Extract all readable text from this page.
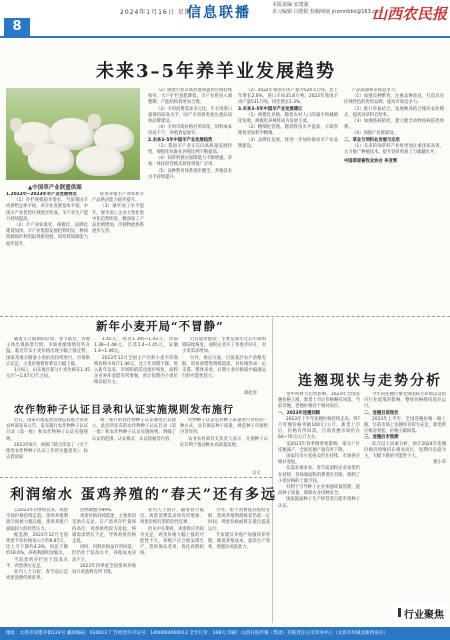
8
2024年1月16日 星期二
信息联播	本版责编 安建强
见习编辑 闫德阳 校稿师丽 jnxmnbfsl@163.com
山西农民报
未来3–5年养羊业发展趋势
▲中国草产业联盟供图

1.2022年~2023年羊产业发展特点

（1）存栏规模稳步增长。当前我国羊肉供给总体平稳，养羊业发展基本平稳，中国羊产业优势区域逐步形成，羊产业生产能力持续提高。

（2）羊产业标准化、规模化、品牌化建设加快。羊产业集群发展趋势明显，种质资源保护利用取得新进展，饲草料保障能力稳步提升。

促进养殖生产效率和羊产品供应能力稳步提升。

（3）屠宰加工水平提升。屠宰加工企业大型化集中化趋势明显，精深加工产品比例增加，冷链物流体系逐步完善。

（2）随着行业市场热度和盈利空间持续收窄，大户扩栏意愿降低，羊产业将进入调整期，产能结构将更加合理。

（3）羊肉消费需求多元化，牛羊肉进口量保持较高水平，国产羊肉将更加注重品质和品牌建设。

（4）羊肉市场价格有所回落，饲料成本居高不下，养殖效益收窄。

2.未来3–5年中国羊产业发展趋势

（1）我国羊产业正在向高质量发展转型，规模化标准化养殖比例不断提高。

（4）饲草料供应保障能力不断增强，草畜一体化经营模式将得到推广应用。

（5）良种繁育体系逐步健全，养殖技术水平持续提升。

（2）2022年我国羊肉产量为524.5万吨，比上年增长2.0%，进口羊肉35.8万吨。2023年我国羊肉产量531万吨，同比增长1.3%。

3.未来3–5年中国羊产业发展建议

（1）规模化养殖。随着农村人口的减少和城镇化发展，规模化养殖将成为发展主流。

（2）精细化管理。随着科技水平提高，羊场管理将更加科学精细。

（3）品牌化发展。将进一步加快推动羊产业品牌建设。

产品质量和市场竞争力。

（1）加强良种繁育，注重品种改良，打造具有区域特色的优势品牌，提高市场竞争力。

（2）推行草畜结合，发展种养结合循环农业模式，提高饲草料自给率。

（3）加强疫病防控，建立健全动物疫病防控体系。

（4）加强产业链建设。

二、草业与饲料业发展与应用

（1）未来的饲草料产业将更加注重优质高效，大力推广种植技术，提升饲草料加工与储藏水平。

中国草原畜牧业协会 李亚雯

新年小麦开局“不冒静”

随着元旦假期的结束，春节临近，各地主体出现备货行情，市场看涨情绪有所升温。临近年末小麦价格出现小幅上涨走势，国家及地方储备小麦拍卖持续进行，市场供应充足，小麦价格暂时难以大幅上涨。

1月6日，山东地区部分小麦价格在1.45元/斤~1.47元/斤之间。

1.45元，河北1.395~1.43元，河南1.38~1.48元，江苏1.4~1.45元，安徽1.4~1.46元。

2023年12月全国主产区新小麦平均收购价格为每斤1.46元，比上年同期下降。进入新年以来，市场购销活动逐步恢复，面粉企业补库意愿有所增强，预计短期内小麦价格以稳为主。

近有提价挺价，主要是新年过后市场购销陆续恢复，面粉企业开工率逐步回升，对小麦需求增加。

另外，供应方面，目前基层农户余粮有限，贸易商惜售情绪较浓，对价格形成一定支撑。整体来看，后期小麦价格稳中偏强运行的可能性较大。

郑桂春
农作物种子认证目录和认证实施规则发布施行

近日，国家市场监督管理总局联合农业农村部发布公告，发布施行农作物种子认证目录（第一批）和农作物种子认证实施规则。

2023年8月，两部门联合印发了《关于推进农作物种子认证工作的实施意见》，标志着国家

统一推行的农作物种子认证制度正式建立。此次所发布的农作物种子认证目录（第一批）和农作物种子认证实施规则，明确了认证的范围、认证模式、认证依据等内容。

作物种子认证是对种子质量进行评价的一种方式，具有保证种子质量、规范种子市场秩序等作用。

农业农村部有关负责人表示，开展种子认证有利于推动种业高质量发展。

宗文
利润缩水 蛋鸡养殖的“春天”还有多远

自2023年四季度以来，鸡蛋市场价格持续走低，蛋鸡养殖利润空间被大幅压缩，蛋鸡养殖户面临较大的经营压力。

据监测，2023年12月全国鸡蛋平均价格每公斤约9.87元，比上月下降约4.3%，同比下降约18.6%，养殖利润明显缩水。

当前蛋鸡存栏处于较高水平，鸡蛋供应充足。

业内人士分析，春节前后是鸡蛋消费传统旺季。

比例调整为89%。

鸡蛋价格持续低迷，主要原因是供应充足。在产蛋鸡存栏量保持高位，鸡蛋供给较为宽松，终端需求增长不足，导致鸡蛋价格走低。

同时，饲料价格虽有所回落，但仍处于较高水平，养殖成本居高不下。

2023年四季度全国蛋鸡养殖每只鸡盈利有所下降。

业内人士预计，随着春节临近，鸡蛋消费需求将有所增加，鸡蛋价格有望阶段性反弹。

但从中长期看，鸡蛋供应仍较为充足，鸡蛋价格大幅上涨的可能性不大，养殖户应合理安排生产，适时淘汰老鸡，优化鸡群结构。

另外，由于消费复苏程度有限，蛋鸡养殖利润恢复仍需一定时间，鸡蛋价格或将在低位震荡运行。

专家建议养殖户加强饲养管理，降低养殖成本，提高生产效率，增强抗风险能力。

连翘现状与走势分析

受中药材大趋势影响，2023年全国连翘价格上涨，新货上市后价格略有回落，当前青翘、老翘价格处于相对高位。

一、2023年连翘回顾

2023年上半年连翘价格持续走高，到7月青翘价格突破100元/公斤。新货上市后，价格有所回落，目前青翘市场价在60~70元/公斤左右。

受2023年春季倒春寒影响，部分产区连翘减产，全国连翘产量有所下降。

国家托市小麦拍卖仍在持续，市场供应相对宽松。

从需求端来看，春节前面粉企业备货仍在持续，但终端面粉消费增长有限，限制了小麦价格的上涨空间。

有利于引导种子企业加强质量管理，提高种子质量，保障农业用种安全。

国家鼓励种子生产经营者自愿申请种子认证。

今年的连翘行情受到国际大环境以及国内行业政策的影响，整体价格维持高位运行。

二、连翘目前现状

2023年上半年，全国连翘价格一路上涨。目前市场上连翘库存较为充足，新货供应相对宽松，价格小幅回落。

三、连翘后市预测

综合以上因素分析，预计2024年连翘价格仍将维持在相对高位，短期内以稳为主，大幅下跌的可能性不大。

捷小草

行业聚焦
地址：太原市双塔寺街124号 邮政编码：030012 广告经营许可证号：1400004000012 全年订价：168元 印刷：山西日报传媒（集团）有限责任公司印务中心（太原市坞城北街西南号）
